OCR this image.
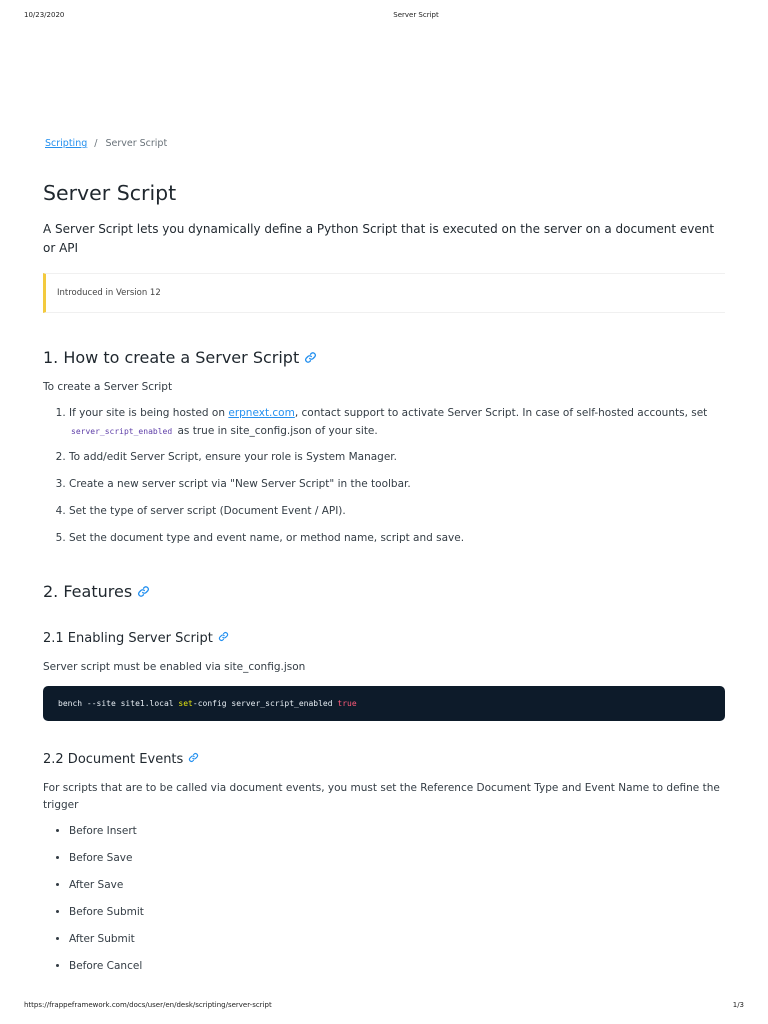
10/23/2020	Server Script
Scripting / Server Script
Server Script

A Server Script lets you dynamically define a Python Script that is executed on the server on a document event or API

Introduced in Version 12
1. How to create a Server Script

To create a Server Script

1. If your site is being hosted on erpnext.com, contact support to activate Server Script. In case of self-hosted accounts, set server_script_enabled as true in site_config.json of your site.
2. To add/edit Server Script, ensure your role is System Manager.
3. Create a new server script via "New Server Script" in the toolbar.
4. Set the type of server script (Document Event / API).
5. Set the document type and event name, or method name, script and save.
2. Features
2.1 Enabling Server Script

Server script must be enabled via site_config.json

bench --site site1.local set -config server_script_enabled true
2.2 Document Events

For scripts that are to be called via document events, you must set the Reference Document Type and Event Name to define the trigger

• Before Insert
• Before Save
• After Save
• Before Submit
• After Submit
• Before Cancel
https://frappeframework.com/docs/user/en/desk/scripting/server-script	1/3
